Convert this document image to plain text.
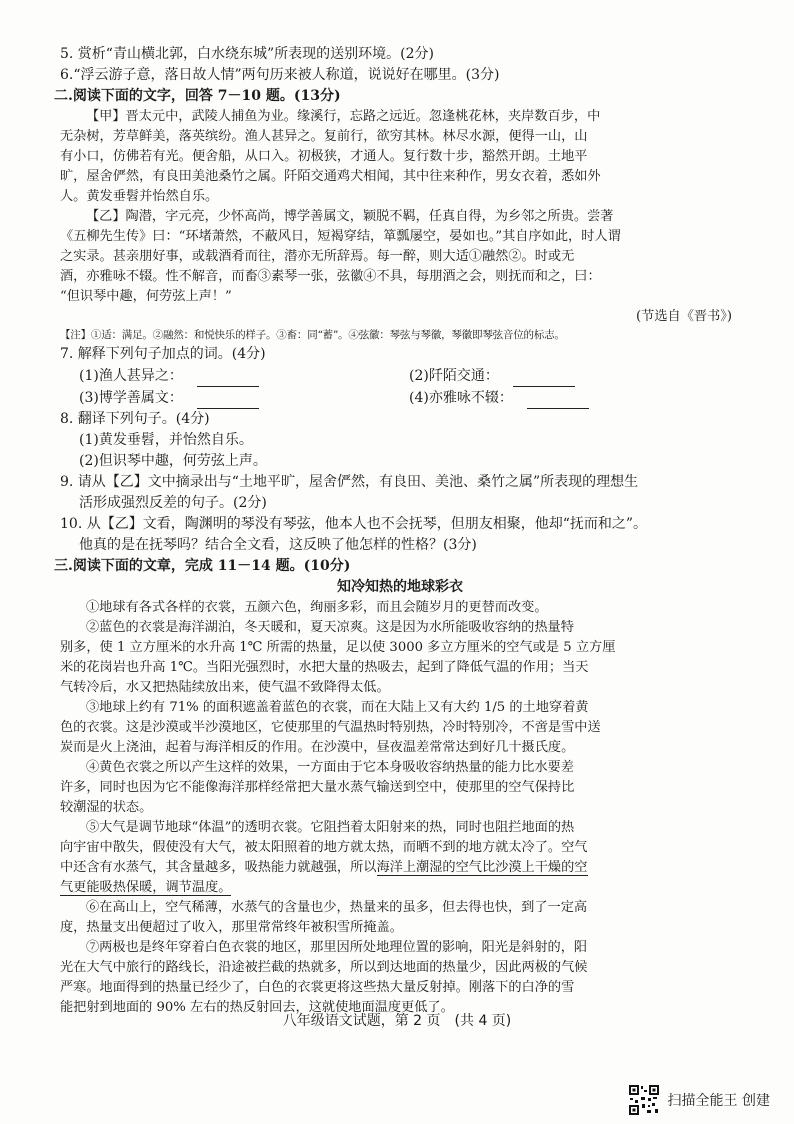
5. 赏析“青山横北郭，白水绕东城”所表现的送别环境。(2分)
6.“浮云游子意，落日故人情”两句历来被人称道，说说好在哪里。(3分)
二.阅读下面的文字，回答 7－10 题。(13分)
【甲】晋太元中，武陵人捕鱼为业。缘溪行，忘路之远近。忽逢桃花林，夹岸数百步，中
无杂树，芳草鲜美，落英缤纷。渔人甚异之。复前行，欲穷其林。林尽水源，便得一山，山
有小口，仿佛若有光。便舍船，从口入。初极狭，才通人。复行数十步，豁然开朗。土地平
旷，屋舍俨然，有良田美池桑竹之属。阡陌交通鸡犬相闻，其中往来种作，男女衣着，悉如外
人。黄发垂髫并怡然自乐。
【乙】陶潜，字元亮，少怀高尚，博学善属文，颖脱不羁，任真自得，为乡邻之所贵。尝著
《五柳先生传》曰：“环堵萧然，不蔽风日，短褐穿结，箪瓢屡空，晏如也。”其自序如此，时人谓
之实录。甚亲朋好事，或载酒肴而往，潜亦无所辞焉。每一醉，则大适①融然②。时或无
酒，亦雅咏不辍。性不解音，而畜③素琴一张，弦徽④不具，每朋酒之会，则抚而和之，曰：
“但识琴中趣，何劳弦上声！”
(节选自《晋书》)
【注】①适：满足。②融然：和悦快乐的样子。③畜：同“蓄”。④弦徽：琴弦与琴徽，琴徽即琴弦音位的标志。
7. 解释下列句子加点的词。(4分)
(1)渔人甚异之：	(2)阡陌交通：
(3)博学善属文：	(4)亦雅咏不辍：
8. 翻译下列句子。(4分)
(1)黄发垂髫，并怡然自乐。
(2)但识琴中趣，何劳弦上声。
9. 请从【乙】文中摘录出与“土地平旷，屋舍俨然，有良田、美池、桑竹之属”所表现的理想生
活形成强烈反差的句子。(2分)
10. 从【乙】文看，陶渊明的琴没有琴弦，他本人也不会抚琴，但朋友相聚，他却“抚而和之”。
他真的是在抚琴吗？结合全文看，这反映了他怎样的性格？(3分)
三.阅读下面的文章，完成 11－14 题。(10分)
知冷知热的地球彩衣
①地球有各式各样的衣裳，五颜六色，绚丽多彩，而且会随岁月的更替而改变。
②蓝色的衣裳是海洋湖泊，冬天暖和，夏天凉爽。这是因为水所能吸收容纳的热量特
别多，使 1 立方厘米的水升高 1℃ 所需的热量，足以使 3000 多立方厘米的空气或是 5 立方厘
米的花岗岩也升高 1℃。当阳光强烈时，水把大量的热吸去，起到了降低气温的作用；当天
气转冷后，水又把热陆续放出来，使气温不致降得太低。
③地球上约有 71% 的面积遮盖着蓝色的衣裳，而在大陆上又有大约 1/5 的土地穿着黄
色的衣裳。这是沙漠或半沙漠地区，它使那里的气温热时特别热，冷时特别冷，不啻是雪中送
炭而是火上浇油，起着与海洋相反的作用。在沙漠中，昼夜温差常常达到好几十摄氏度。
④黄色衣裳之所以产生这样的效果，一方面由于它本身吸收容纳热量的能力比水要差
许多，同时也因为它不能像海洋那样经常把大量水蒸气输送到空中，使那里的空气保持比
较潮湿的状态。
⑤大气是调节地球“体温”的透明衣裳。它阻挡着太阳射来的热，同时也阻拦地面的热
向宇宙中散失，假使没有大气，被太阳照着的地方就太热，而晒不到的地方就太冷了。空气
中还含有水蒸气，其含量越多，吸热能力就越强，所以海洋上潮湿的空气比沙漠上干燥的空
气更能吸热保暖，调节温度。
⑥在高山上，空气稀薄，水蒸气的含量也少，热量来的虽多，但去得也快，到了一定高
度，热量支出便超过了收入，那里常常终年被积雪所掩盖。
⑦两极也是终年穿着白色衣裳的地区，那里因所处地理位置的影响，阳光是斜射的，阳
光在大气中旅行的路线长，沿途被拦截的热就多，所以到达地面的热量少，因此两极的气候
严寒。地面得到的热量已经少了，白色的衣裳更将这些热大量反射掉。刚落下的白净的雪
能把射到地面的 90% 左右的热反射回去，这就使地面温度更低了。
八年级语文试题，第 2 页　(共 4 页)
扫描全能王 创建
